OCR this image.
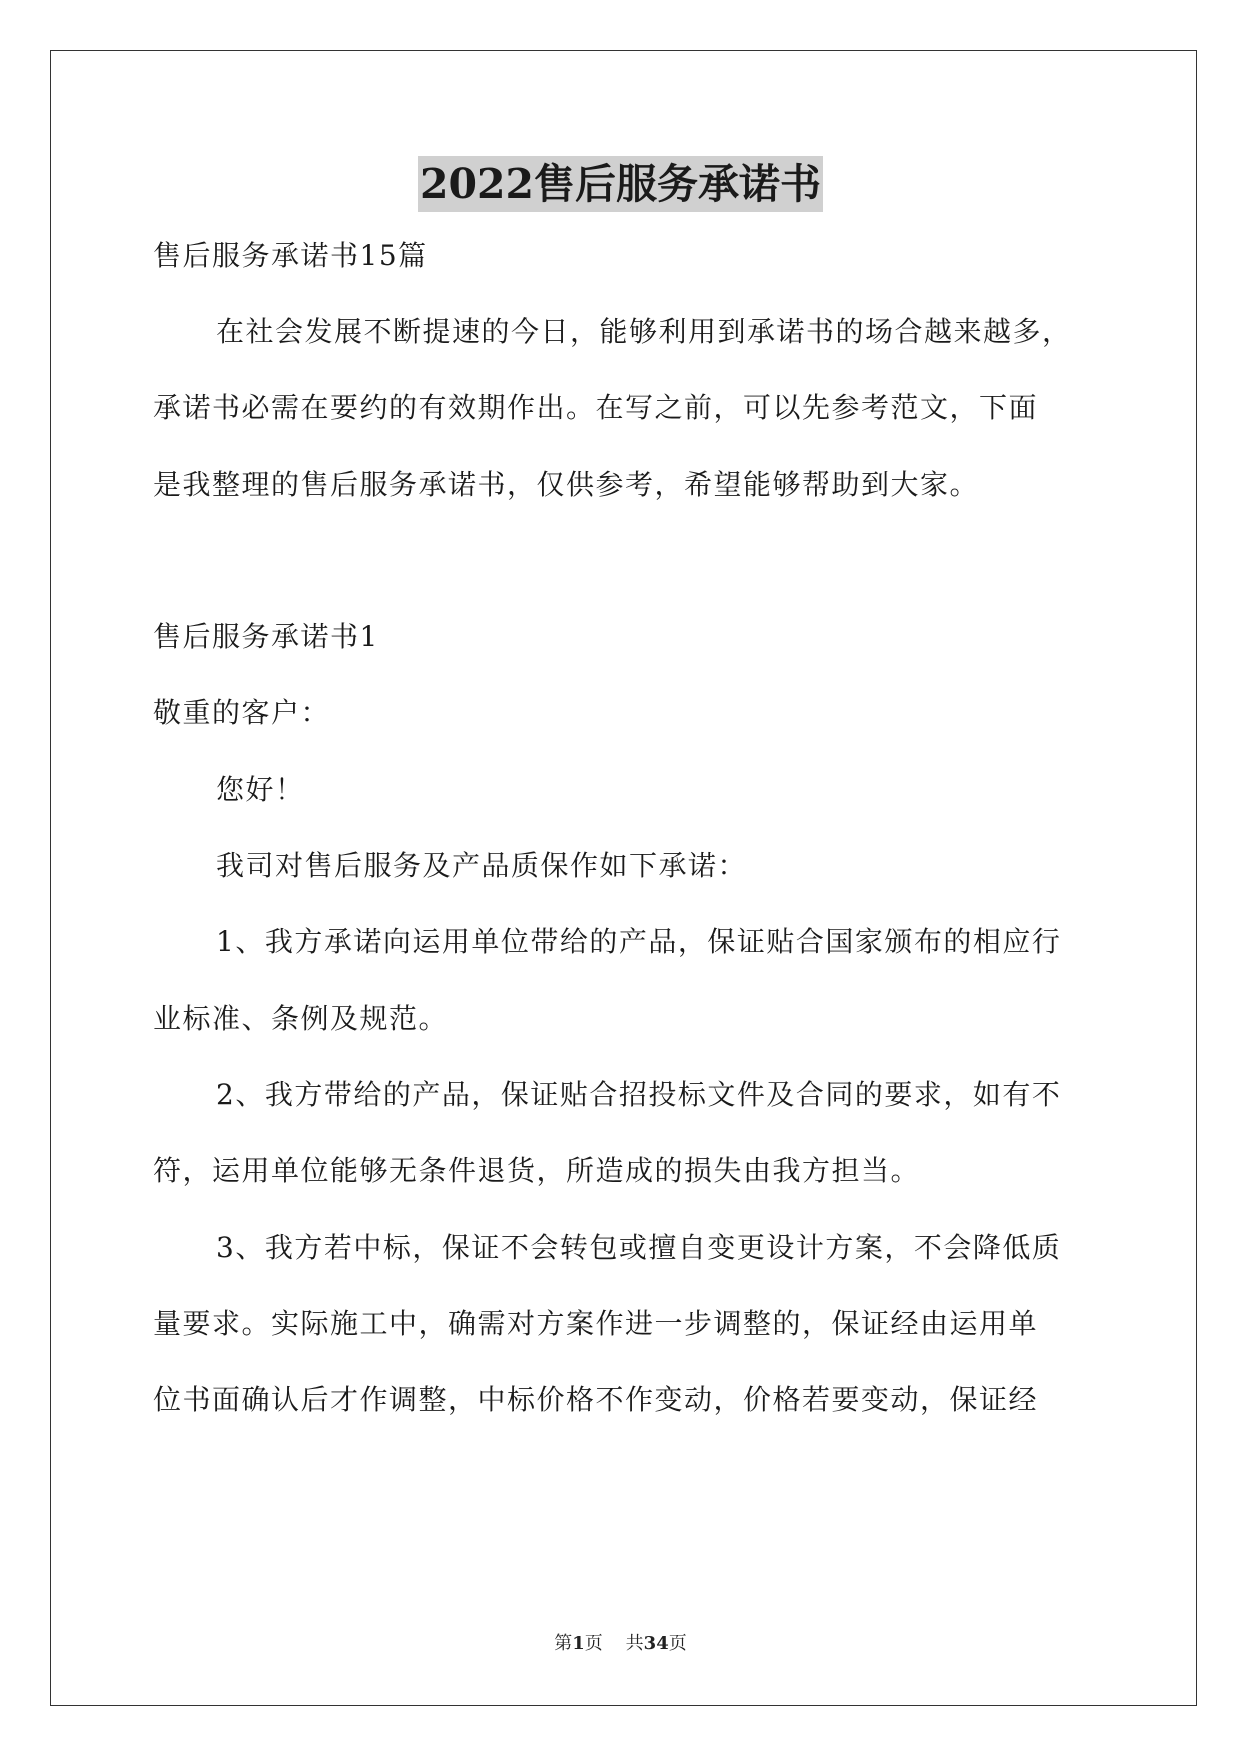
2022售后服务承诺书
售后服务承诺书15篇
在社会发展不断提速的今日，能够利用到承诺书的场合越来越多，
承诺书必需在要约的有效期作出。在写之前，可以先参考范文，下面
是我整理的售后服务承诺书，仅供参考，希望能够帮助到大家。
售后服务承诺书1
敬重的客户：
您好！
我司对售后服务及产品质保作如下承诺：
1、我方承诺向运用单位带给的产品，保证贴合国家颁布的相应行
业标准、条例及规范。
2、我方带给的产品，保证贴合招投标文件及合同的要求，如有不
符，运用单位能够无条件退货，所造成的损失由我方担当。
3、我方若中标，保证不会转包或擅自变更设计方案，不会降低质
量要求。实际施工中，确需对方案作进一步调整的，保证经由运用单
位书面确认后才作调整，中标价格不作变动，价格若要变动，保证经
第1页    共34页
